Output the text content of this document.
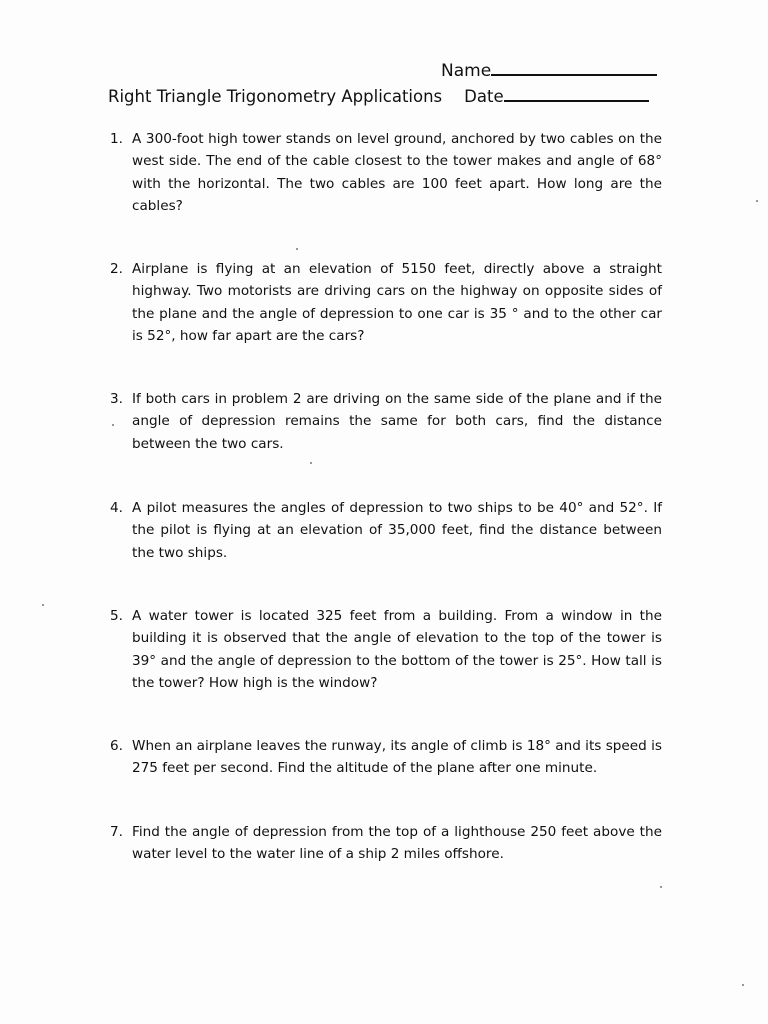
Name
Right Triangle Trigonometry Applications Date
1. A 300-foot high tower stands on level ground, anchored by two cables on the west side. The end of the cable closest to the tower makes and angle of 68° with the horizontal. The two cables are 100 feet apart. How long are the cables?
2. Airplane is flying at an elevation of 5150 feet, directly above a straight highway. Two motorists are driving cars on the highway on opposite sides of the plane and the angle of depression to one car is 35 ° and to the other car is 52°, how far apart are the cars?
3. If both cars in problem 2 are driving on the same side of the plane and if the angle of depression remains the same for both cars, find the distance between the two cars.
4. A pilot measures the angles of depression to two ships to be 40° and 52°. If the pilot is flying at an elevation of 35,000 feet, find the distance between the two ships.
5. A water tower is located 325 feet from a building. From a window in the building it is observed that the angle of elevation to the top of the tower is 39° and the angle of depression to the bottom of the tower is 25°. How tall is the tower? How high is the window?
6. When an airplane leaves the runway, its angle of climb is 18° and its speed is 275 feet per second. Find the altitude of the plane after one minute.
7. Find the angle of depression from the top of a lighthouse 250 feet above the water level to the water line of a ship 2 miles offshore.
